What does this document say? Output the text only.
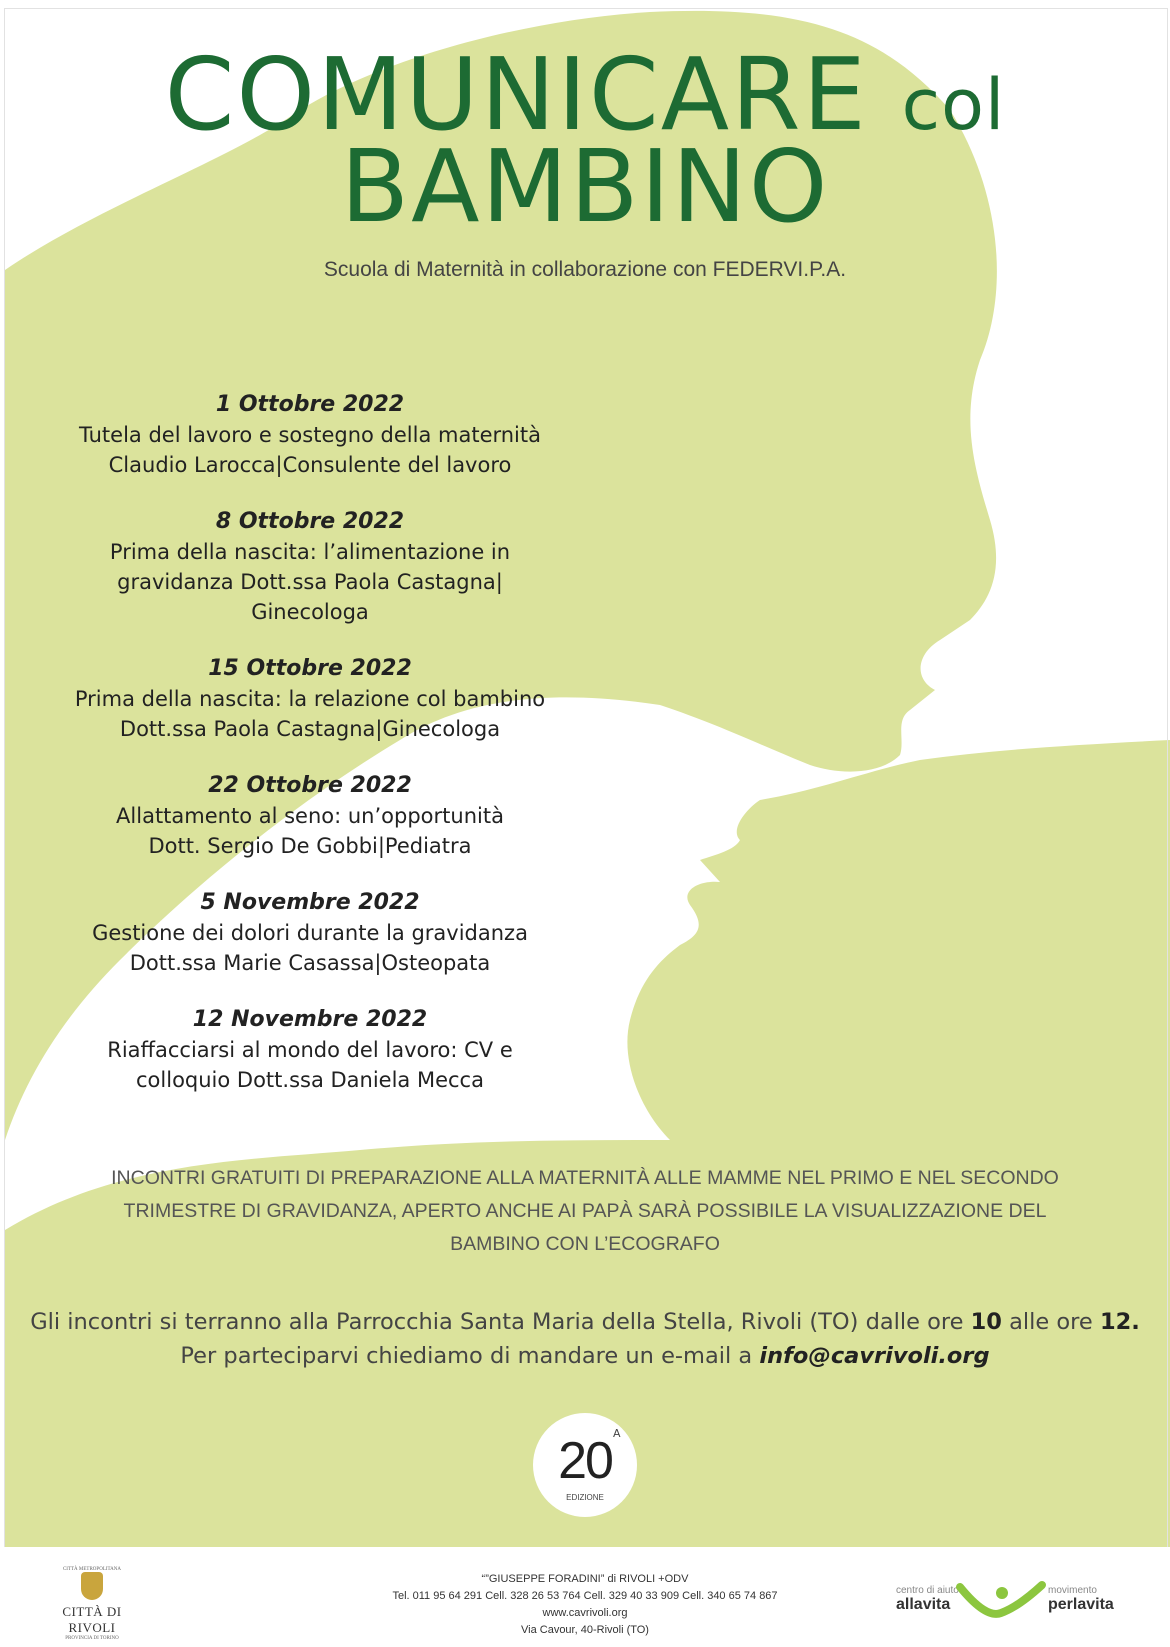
COMUNICARE col
BAMBINO
Scuola di Maternità in collaborazione con FEDERVI.P.A.
1 Ottobre 2022
Tutela del lavoro e sostegno della maternità
Claudio Larocca|Consulente del lavoro
8 Ottobre 2022
Prima della nascita: l’alimentazione in
gravidanza Dott.ssa Paola Castagna|
Ginecologa
15 Ottobre 2022
Prima della nascita: la relazione col bambino
Dott.ssa Paola Castagna|Ginecologa
22 Ottobre 2022
Allattamento al seno: un’opportunità
Dott. Sergio De Gobbi|Pediatra
5 Novembre 2022
Gestione dei dolori durante la gravidanza
Dott.ssa Marie Casassa|Osteopata
12 Novembre 2022
Riaffacciarsi al mondo del lavoro: CV e
colloquio Dott.ssa Daniela Mecca
INCONTRI GRATUITI DI PREPARAZIONE ALLA MATERNITÀ ALLE MAMME NEL PRIMO E NEL SECONDO
TRIMESTRE DI GRAVIDANZA, APERTO ANCHE AI PAPÀ SARÀ POSSIBILE LA VISUALIZZAZIONE DEL
BAMBINO CON L’ECOGRAFO
Gli incontri si terranno alla Parrocchia Santa Maria della Stella, Rivoli (TO) dalle ore 10 alle ore 12.
Per parteciparvi chiediamo di mandare un e-mail a info@cavrivoli.org
20 A
EDIZIONE
CITTÀ METROPOLITANA
CITTÀ DI RIVOLI
PROVINCIA DI TORINO
“”GIUSEPPE FORADINI” di RIVOLI +ODV
Tel. 011 95 64 291 Cell. 328 26 53 764 Cell. 329 40 33 909 Cell. 340 65 74 867
www.cavrivoli.org
Via Cavour, 40-Rivoli (TO)
centro di aiuto
allavita
movimento
perlavita
